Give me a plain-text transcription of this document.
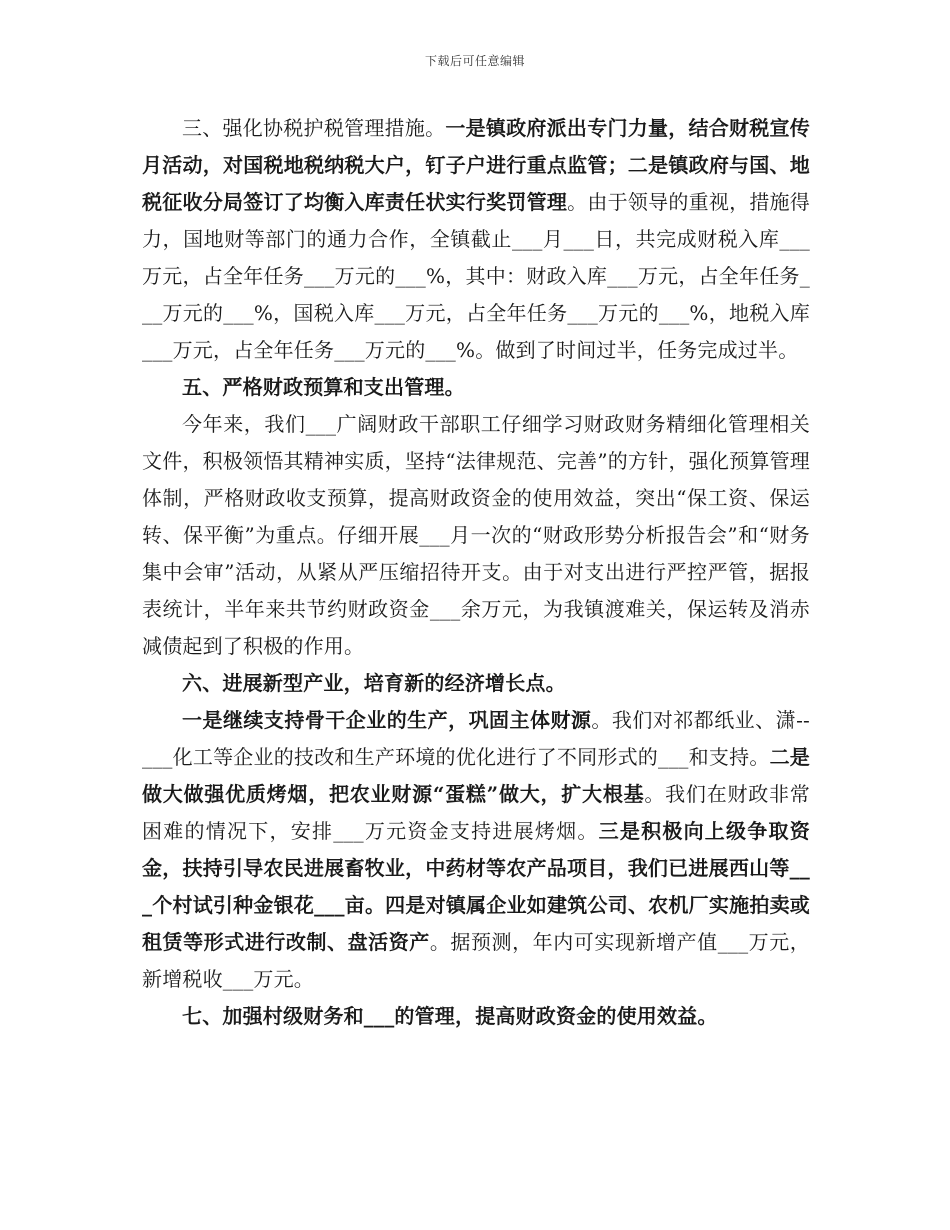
下载后可任意编辑

三、强化协税护税管理措施。一是镇政府派出专门力量，结合财税宣传月活动，对国税地税纳税大户，钉子户进行重点监管；二是镇政府与国、地税征收分局签订了均衡入库责任状实行奖罚管理。由于领导的重视，措施得力，国地财等部门的通力合作，全镇截止___月___日，共完成财税入库___万元，占全年任务___万元的___%，其中：财政入库___万元，占全年任务___万元的___%，国税入库___万元，占全年任务___万元的___%，地税入库___万元，占全年任务___万元的___%。做到了时间过半，任务完成过半。

五、严格财政预算和支出管理。

今年来，我们___广阔财政干部职工仔细学习财政财务精细化管理相关文件，积极领悟其精神实质，坚持“法律规范、完善”的方针，强化预算管理体制，严格财政收支预算，提高财政资金的使用效益，突出“保工资、保运转、保平衡”为重点。仔细开展___月一次的“财政形势分析报告会”和“财务集中会审”活动，从紧从严压缩招待开支。由于对支出进行严控严管，据报表统计，半年来共节约财政资金___余万元，为我镇渡难关，保运转及消赤减债起到了积极的作用。

六、进展新型产业，培育新的经济增长点。

一是继续支持骨干企业的生产，巩固主体财源。我们对祁都纸业、潇--___化工等企业的技改和生产环境的优化进行了不同形式的___和支持。二是做大做强优质烤烟，把农业财源“蛋糕”做大，扩大根基。我们在财政非常困难的情况下，安排___万元资金支持进展烤烟。三是积极向上级争取资金，扶持引导农民进展畜牧业，中药材等农产品项目，我们已进展西山等___个村试引种金银花___亩。四是对镇属企业如建筑公司、农机厂实施拍卖或租赁等形式进行改制、盘活资产。据预测，年内可实现新增产值___万元，新增税收___万元。

七、加强村级财务和___的管理，提高财政资金的使用效益。
